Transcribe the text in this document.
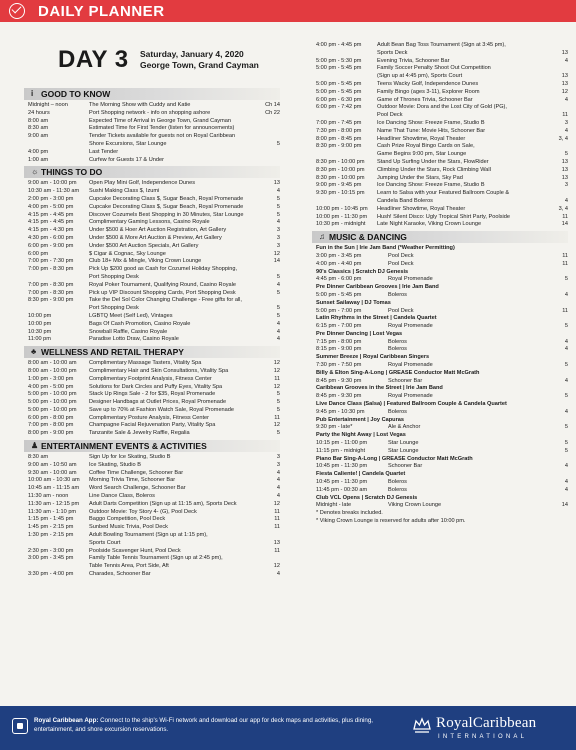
DAILY PLANNER
DAY 3 Saturday, January 4, 2020
George Town, Grand Cayman
i GOOD TO KNOW
Midnight – noon	The Morning Show with Cuddy and Katie	Ch 14
24 hours	Port Shopping network - info on shopping ashore	Ch 22
8:00 am	Expected Time of Arrival in George Town, Grand Cayman
8:30 am	Estimated Time for First Tender (listen for announcements)
9:00 am	Tender Tickets available for guests not on Royal Caribbean
Shore Excursions, Star Lounge	5
4:00 pm	Last Tender
1:00 am	Curfew for Guests 17 & Under
☼ THINGS TO DO
9:00 am - 10:00 pm Open Play Mini Golf, Independence Dunes	13
10:30 am - 11:30 am Sushi Making Class $, Izumi	4
2:00 pm - 3:00 pm	Cupcake Decorating Class $, Sugar Beach, Royal Promenade	5
4:00 pm - 5:00 pm	Cupcake Decorating Class $, Sugar Beach, Royal Promenade	5
4:15 pm - 4:45 pm	Discover Cozumels Best Shopping in 30 Minutes, Star Lounge	5
4:15 pm - 4:45 pm	Complimentary Gaming Lessons, Casino Royale	4
4:15 pm - 4:30 pm	Under $500 & Hoer Art Auction Registration, Art Gallery	3
4:30 pm - 6:00 pm	Under $500 & More Art Auction & Preview, Art Gallery	3
6:00 pm - 9:00 pm	Under $500 Art Auction Specials, Art Gallery	3
6:00 pm	$ Cigar & Cognac, Sky Lounge	12
7:00 pm - 7:30 pm	Club 18+ Mix & Mingle, Viking Crown Lounge	14
7:00 pm - 8:30 pm	Pick Up $200 good as Cash for Cozumel Holiday Shopping,
Port Shopping Desk	5
7:00 pm - 8:30 pm	Royal Poker Tournament, Qualifying Round, Casino Royale	4
7:00 pm - 8:30 pm	Pick up VIP Discount Shopping Cards, Port Shopping Desk	5
8:30 pm - 9:00 pm	Take the Del Sol Color Changing Challenge - Free gifts for all,
Port Shopping Desk	5
10:00 pm	LGBTQ Meet (Self Led), Vintages	5
10:00 pm	Bags Of Cash Promotion, Casino Royale	4
10:30 pm	Snowball Raffle, Casino Royale	4
11:00 pm	Paradise Lotto Draw, Casino Royale	4
♣ WELLNESS AND RETAIL THERAPY
8:00 am - 10:00 am Complimentary Massage Tasters, Vitality Spa	12
8:00 am - 10:00 pm Complimentary Hair and Skin Consultations, Vitality Spa	12
1:00 pm - 3:00 pm	Complimentary Footprint Analysis, Fitness Center	11
4:00 pm - 5:00 pm	Solutions for Dark Circles and Puffy Eyes, Vitality Spa	12
5:00 pm - 10:00 pm Stack Up Rings Sale - 2 for $35, Royal Promenade	5
5:00 pm - 10:00 pm Designer Handbags at Outlet Prices, Royal Promenade	5
5:00 pm - 10:00 pm Save up to 70% at Fashion Watch Sale, Royal Promenade	5
6:00 pm - 8:00 pm	Complimentary Posture Analysis, Fitness Center	11
7:00 pm - 8:00 pm	Champagne Facial Rejuvenation Party, Vitality Spa	12
8:00 pm - 9:00 pm	Tanzanite Sale & Jewelry Raffle, Regalia	5
♟ ENTERTAINMENT EVENTS & ACTIVITIES
8:30 am	Sign Up for Ice Skating, Studio B	3
9:00 am - 10:50 am Ice Skating, Studio B	3
9:30 am - 10:00 am Coffee Time Challenge, Schooner Bar	4
10:00 am - 10:30 am Morning Trivia Time, Schooner Bar	4
10:45 am - 11:15 am Word Search Challenge, Schooner Bar	4
11:30 am - noon	Line Dance Class, Boleros	4
11:30 am - 12:15 pm Adult Darts Competition (Sign up at 11:15 am), Sports Deck	12
11:30 am - 1:10 pm Outdoor Movie: Toy Story 4- (G), Pool Deck	11
1:15 pm - 1:45 pm	Baggo Competition, Pool Deck	11
1:45 pm - 2:15 pm	Sunbed Music Trivia, Pool Deck	11
1:30 pm - 2:15 pm	Adult Bowling Tournament (Sign up at 1:15 pm),
Sports Court	13
2:30 pm - 3:00 pm	Poolside Scavenger Hunt, Pool Deck	11
3:00 pm - 3:45 pm	Family Table Tennis Tournament (Sign up at 2:45 pm),
Table Tennis Area, Port Side, Aft	12
3:30 pm - 4:00 pm	Charades, Schooner Bar	4
4:00 pm - 4:45 pm	Adult Bean Bag Toss Tournament (Sign at 3:45 pm),
Sports Deck	13
5:00 pm - 5:30 pm	Evening Trivia, Schooner Bar	4
5:00 pm - 5:45 pm	Family Soccer Penalty Shoot Out Competition
(Sign up at 4:45 pm), Sports Court	13
5:00 pm - 5:45 pm	Teens Wacky Golf, Independence Dunes	13
5:00 pm - 5:45 pm	Family Bingo (ages 3-11), Explorer Room	12
6:00 pm - 6:30 pm	Game of Thrones Trivia, Schooner Bar	4
6:00 pm - 7:42 pm	Outdoor Movie: Dora and the Lost City of Gold (PG),
Pool Deck	11
7:00 pm - 7:45 pm	Ice Dancing Show: Freeze Frame, Studio B	3
7:30 pm - 8:00 pm	Name That Tune: Movie Hits, Schooner Bar	4
8:00 pm - 8:45 pm	Headliner Showtime, Royal Theater	3, 4
8:30 pm - 9:00 pm	Cash Prize Royal Bingo Cards on Sale,
Game Begins 9:00 pm, Star Lounge	5
8:30 pm - 10:00 pm Stand Up Surfing Under the Stars, FlowRider	13
8:30 pm - 10:00 pm Climbing Under the Stars, Rock Climbing Wall	13
8:30 pm - 10:00 pm Jumping Under the Stars, Sky Pad	13
9:00 pm - 9:45 pm	Ice Dancing Show: Freeze Frame, Studio B	3
9:30 pm - 10:15 pm Learn to Salsa with your Featured Ballroom Couple &
Candela Band Boleros	4
10:00 pm - 10:45 pm Headliner Showtime, Royal Theater	3, 4
10:00 pm - 11:30 pm Hush! Silent Disco: Ugly Tropical Shirt Party, Poolside	11
10:30 pm - midnight Late Night Karaoke, Viking Crown Lounge	14
♫ MUSIC & DANCING
Fun in the Sun | Irie Jam Band (*Weather Permitting)
3:00 pm - 3:45 pm	Pool Deck	11
4:00 pm - 4:40 pm	Pool Deck	11
90's Classics | Scratch DJ Genesis
4:45 pm - 6:00 pm	Royal Promenade	5
Pre Dinner Caribbean Grooves | Irie Jam Band
5:00 pm - 5:45 pm	Boleros	4
Sunset Sailaway | DJ Tomas
5:00 pm - 7:00 pm	Pool Deck	11
Latin Rhythms in the Street | Candela Quartet
6:15 pm - 7:00 pm	Royal Promenade	5
Pre Dinner Dancing | Lost Vegas
7:15 pm - 8:00 pm	Boleros	4
8:15 pm - 9:00 pm	Boleros	4
Summer Breeze | Royal Caribbean Singers
7:30 pm - 7:50 pm	Royal Promenade	5
Billy & Elton Sing-A-Long | GREASE Conductor Matt McGrath
8:45 pm - 9:30 pm	Schooner Bar	4
Caribbean Grooves in the Street | Irie Jam Band
8:45 pm - 9:30 pm	Royal Promenade	5
Live Dance Class (Salsa) | Featured Ballroom Couple & Candela Quartet
9:45 pm - 10:30 pm	Boleros	4
Pub Entertainment | Joy Capuras
9:30 pm - late*	Ale & Anchor	5
Party the Night Away | Lost Vegas
10:15 pm - 11:00 pm	Star Lounge	5
11:15 pm - midnight	Star Lounge	5
Piano Bar Sing-A-Long | GREASE Conductor Matt McGrath
10:45 pm - 11:30 pm	Schooner Bar	4
Fiesta Caliente! | Candela Quartet
10:45 pm - 11:30 pm	Boleros	4
11:45 pm - 00:30 am	Boleros	4
Club VCL Opens | Scratch DJ Genesis
Midnight - late	Viking Crown Lounge	14
* Denotes breaks included.
* Viking Crown Lounge is reserved for adults after 10:00 pm.
Royal Caribbean App: Connect to the ship's Wi-Fi network and download our app for deck maps and activities, plus dining, entertainment, and shore excursion reservations.	RoyalCaribbean
INTERNATIONAL
